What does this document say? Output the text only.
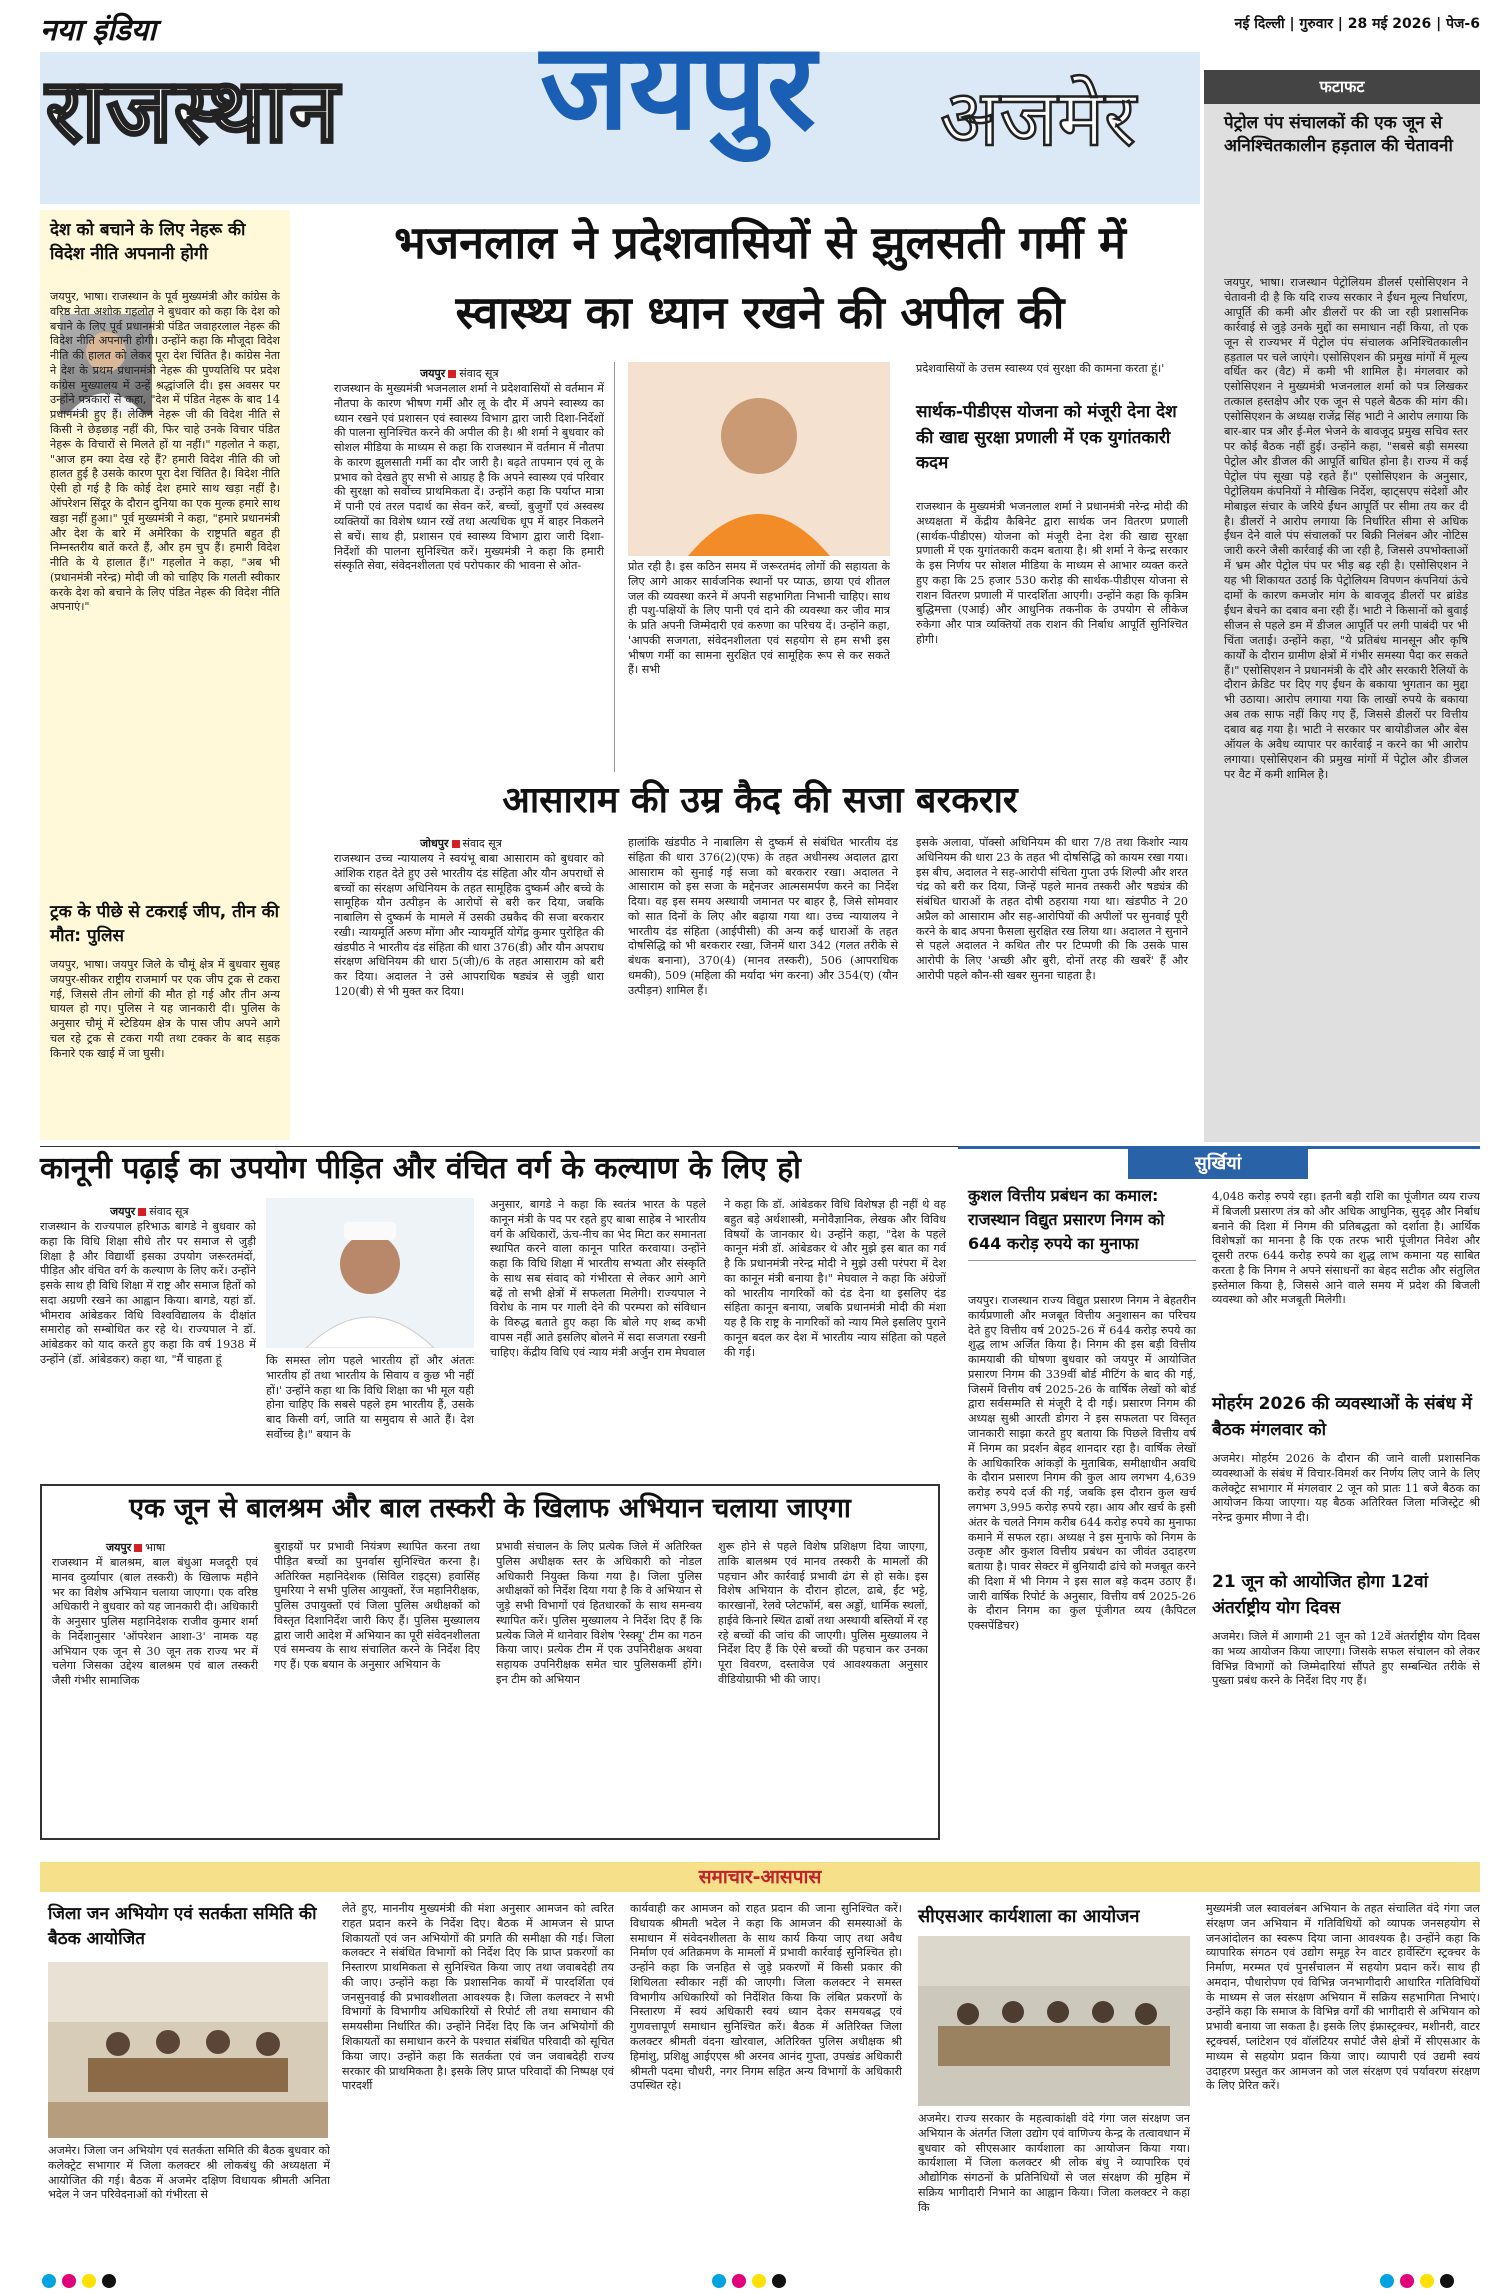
नया इंडिया
राजस्थान जयपुर अजमेर
नई दिल्ली | गुरुवार | 28 मई 2026 | पेज-6
फटाफट
पेट्रोल पंप संचालकों की एक जून से अनिश्चितकालीन हड़ताल की चेतावनी
जयपुर, भाषा। राजस्थान पेट्रोलियम डीलर्स एसोसिएशन ने चेतावनी दी है कि यदि राज्य सरकार ने ईंधन मूल्य निर्धारण, आपूर्ति की कमी और डीलरों पर की जा रही प्रशासनिक कार्रवाई से जुड़े उनके मुद्दों का समाधान नहीं किया, तो एक जून से राज्यभर में पेट्रोल पंप संचालक अनिश्चितकालीन हड़ताल पर चले जाएंगे। एसोसिएशन की प्रमुख मांगों में मूल्य वर्धित कर (वैट) में कमी भी शामिल है। मंगलवार को एसोसिएशन ने मुख्यमंत्री भजनलाल शर्मा को पत्र लिखकर तत्काल हस्तक्षेप और एक जून से पहले बैठक की मांग की। एसोसिएशन के अध्यक्ष राजेंद्र सिंह भाटी ने आरोप लगाया कि बार-बार पत्र और ई-मेल भेजने के बावजूद प्रमुख सचिव स्तर पर कोई बैठक नहीं हुई। उन्होंने कहा, "सबसे बड़ी समस्या पेट्रोल और डीजल की आपूर्ति बाधित होना है। राज्य में कई पेट्रोल पंप सूखा पड़े रहते हैं।" एसोसिएशन के अनुसार, पेट्रोलियम कंपनियों ने मौखिक निर्देश, व्हाट्सएप संदेशों और मोबाइल संचार के जरिये ईंधन आपूर्ति पर सीमा तय कर दी है। डीलरों ने आरोप लगाया कि निर्धारित सीमा से अधिक ईंधन देने वाले पंप संचालकों पर बिक्री निलंबन और नोटिस जारी करने जैसी कार्रवाई की जा रही है, जिससे उपभोक्ताओं में भ्रम और पेट्रोल पंप पर भीड़ बढ़ रही है। एसोसिएशन ने यह भी शिकायत उठाई कि पेट्रोलियम विपणन कंपनियां ऊंचे दामों के कारण कमजोर मांग के बावजूद डीलरों पर ब्रांडेड ईंधन बेचने का दबाव बना रही हैं। भाटी ने किसानों को बुवाई सीजन से पहले डम में डीजल आपूर्ति पर लगी पाबंदी पर भी चिंता जताई। उन्होंने कहा, "ये प्रतिबंध मानसून और कृषि कार्यों के दौरान ग्रामीण क्षेत्रों में गंभीर समस्या पैदा कर सकते हैं।" एसोसिएशन ने प्रधानमंत्री के दौरे और सरकारी रैलियों के दौरान क्रेडिट पर दिए गए ईंधन के बकाया भुगतान का मुद्दा भी उठाया। आरोप लगाया गया कि लाखों रुपये के बकाया अब तक साफ नहीं किए गए हैं, जिससे डीलरों पर वित्तीय दबाव बढ़ गया है। भाटी ने सरकार पर बायोडीजल और बेस ऑयल के अवैध व्यापार पर कार्रवाई न करने का भी आरोप लगाया। एसोसिएशन की प्रमुख मांगों में पेट्रोल और डीजल पर वैट में कमी शामिल है।
देश को बचाने के लिए नेहरू की विदेश नीति अपनानी होगी
जयपुर, भाषा। राजस्थान के पूर्व मुख्यमंत्री और कांग्रेस के वरिष्ठ नेता अशोक गहलोत ने बुधवार को कहा कि देश को बचाने के लिए पूर्व प्रधानमंत्री पंडित जवाहरलाल नेहरू की विदेश नीति अपनानी होगी। उन्होंने कहा कि मौजूदा विदेश नीति की हालत को लेकर पूरा देश चिंतित है। कांग्रेस नेता ने देश के प्रथम प्रधानमंत्री नेहरू की पुण्यतिथि पर प्रदेश कांग्रेस मुख्यालय में उन्हें श्रद्धांजलि दी। इस अवसर पर उन्होंने पत्रकारों से कहा, "देश में पंडित नेहरू के बाद 14 प्रधानमंत्री हुए हैं। लेकिन नेहरू जी की विदेश नीति से किसी ने छेड़छाड़ नहीं की, फिर चाहे उनके विचार पंडित नेहरू के विचारों से मिलते हों या नहीं।" गहलोत ने कहा, "आज हम क्या देख रहे हैं? हमारी विदेश नीति की जो हालत हुई है उसके कारण पूरा देश चिंतित है। विदेश नीति ऐसी हो गई है कि कोई देश हमारे साथ खड़ा नहीं है। ऑपरेशन सिंदूर के दौरान दुनिया का एक मुल्क हमारे साथ खड़ा नहीं हुआ।" पूर्व मुख्यमंत्री ने कहा, "हमारे प्रधानमंत्री और देश के बारे में अमेरिका के राष्ट्रपति बहुत ही निम्नस्तरीय बातें करते हैं, और हम चुप हैं। हमारी विदेश नीति के ये हालात हैं।" गहलोत ने कहा, "अब भी (प्रधानमंत्री नरेन्द्र) मोदी जी को चाहिए कि गलती स्वीकार करके देश को बचाने के लिए पंडित नेहरू की विदेश नीति अपनाएं।"
ट्रक के पीछे से टकराई जीप, तीन की मौत: पुलिस
जयपुर, भाषा। जयपुर जिले के चौमूं क्षेत्र में बुधवार सुबह जयपुर-सीकर राष्ट्रीय राजमार्ग पर एक जीप ट्रक से टकरा गई, जिससे तीन लोगों की मौत हो गई और तीन अन्य घायल हो गए। पुलिस ने यह जानकारी दी। पुलिस के अनुसार चौमूं में स्टेडियम क्षेत्र के पास जीप अपने आगे चल रहे ट्रक से टकरा गयी तथा टक्कर के बाद सड़क किनारे एक खाई में जा घुसी।
भजनलाल ने प्रदेशवासियों से झुलसती गर्मी में स्वास्थ्य का ध्यान रखने की अपील की
जयपुर संवाद सूत्र
राजस्थान के मुख्यमंत्री भजनलाल शर्मा ने प्रदेशवासियों से वर्तमान में नौतपा के कारण भीषण गर्मी और लू के दौर में अपने स्वास्थ्य का ध्यान रखने एवं प्रशासन एवं स्वास्थ्य विभाग द्वारा जारी दिशा-निर्देशों की पालना सुनिश्चित करने की अपील की है। श्री शर्मा ने बुधवार को सोशल मीडिया के माध्यम से कहा कि राजस्थान में वर्तमान में नौतपा के कारण झुलसाती गर्मी का दौर जारी है। बढ़ते तापमान एवं लू के प्रभाव को देखते हुए सभी से आग्रह है कि अपने स्वास्थ्य एवं परिवार की सुरक्षा को सर्वोच्च प्राथमिकता दें। उन्होंने कहा कि पर्याप्त मात्रा में पानी एवं तरल पदार्थ का सेवन करें, बच्चों, बुजुर्गों एवं अस्वस्थ व्यक्तियों का विशेष ध्यान रखें तथा अत्यधिक धूप में बाहर निकलने से बचें। साथ ही, प्रशासन एवं स्वास्थ्य विभाग द्वारा जारी दिशा-निर्देशों की पालना सुनिश्चित करें। मुख्यमंत्री ने कहा कि हमारी संस्कृति सेवा, संवेदनशीलता एवं परोपकार की भावना से ओत-	प्रोत रही है। इस कठिन समय में जरूरतमंद लोगों की सहायता के लिए आगे आकर सार्वजनिक स्थानों पर प्याऊ, छाया एवं शीतल जल की व्यवस्था करने में अपनी सहभागिता निभानी चाहिए। साथ ही पशु-पक्षियों के लिए पानी एवं दाने की व्यवस्था कर जीव मात्र के प्रति अपनी जिम्मेदारी एवं करुणा का परिचय दें। उन्होंने कहा, 'आपकी सजगता, संवेदनशीलता एवं सहयोग से हम सभी इस भीषण गर्मी का सामना सुरक्षित एवं सामूहिक रूप से कर सकते हैं। सभी
प्रदेशवासियों के उत्तम स्वास्थ्य एवं सुरक्षा की कामना करता हूं।'
सार्थक-पीडीएस योजना को मंजूरी देना देश की खाद्य सुरक्षा प्रणाली में एक युगांतकारी कदम
राजस्थान के मुख्यमंत्री भजनलाल शर्मा ने प्रधानमंत्री नरेन्द्र मोदी की अध्यक्षता में केंद्रीय कैबिनेट द्वारा सार्थक जन वितरण प्रणाली (सार्थक-पीडीएस) योजना को मंजूरी देना देश की खाद्य सुरक्षा प्रणाली में एक युगांतकारी कदम बताया है। श्री शर्मा ने केन्द्र सरकार के इस निर्णय पर सोशल मीडिया के माध्यम से आभार व्यक्त करते हुए कहा कि 25 हजार 530 करोड़ की सार्थक-पीडीएस योजना से राशन वितरण प्रणाली में पारदर्शिता आएगी। उन्होंने कहा कि कृत्रिम बुद्धिमत्ता (एआई) और आधुनिक तकनीक के उपयोग से लीकेज रुकेगा और पात्र व्यक्तियों तक राशन की निर्बाध आपूर्ति सुनिश्चित होगी।
आसाराम की उम्र कैद की सजा बरकरार
जोधपुर संवाद सूत्र
राजस्थान उच्च न्यायालय ने स्वयंभू बाबा आसाराम को बुधवार को आंशिक राहत देते हुए उसे भारतीय दंड संहिता और यौन अपराधों से बच्चों का संरक्षण अधिनियम के तहत सामूहिक दुष्कर्म और बच्चे के सामूहिक यौन उत्पीड़न के आरोपों से बरी कर दिया, जबकि नाबालिग से दुष्कर्म के मामले में उसकी उम्रकैद की सजा बरकरार रखी। न्यायमूर्ति अरुण मोंगा और न्यायमूर्ति योगेंद्र कुमार पुरोहित की खंडपीठ ने भारतीय दंड संहिता की धारा 376(डी) और यौन अपराध संरक्षण अधिनियम की धारा 5(जी)/6 के तहत आसाराम को बरी कर दिया। अदालत ने उसे आपराधिक षड्यंत्र से जुड़ी धारा 120(बी) से भी मुक्त कर दिया।
हालांकि खंडपीठ ने नाबालिग से दुष्कर्म से संबंधित भारतीय दंड संहिता की धारा 376(2)(एफ) के तहत अधीनस्थ अदालत द्वारा आसाराम को सुनाई गई सजा को बरकरार रखा। अदालत ने आसाराम को इस सजा के मद्देनजर आत्मसमर्पण करने का निर्देश दिया। वह इस समय अस्थायी जमानत पर बाहर है, जिसे सोमवार को सात दिनों के लिए और बढ़ाया गया था। उच्च न्यायालय ने भारतीय दंड संहिता (आईपीसी) की अन्य कई धाराओं के तहत दोषसिद्धि को भी बरकरार रखा, जिनमें धारा 342 (गलत तरीके से बंधक बनाना), 370(4) (मानव तस्करी), 506 (आपराधिक धमकी), 509 (महिला की मर्यादा भंग करना) और 354(ए) (यौन उत्पीड़न) शामिल हैं।
इसके अलावा, पॉक्सो अधिनियम की धारा 7/8 तथा किशोर न्याय अधिनियम की धारा 23 के तहत भी दोषसिद्धि को कायम रखा गया। इस बीच, अदालत ने सह-आरोपी संचिता गुप्ता उर्फ शिल्पी और शरत चंद्र को बरी कर दिया, जिन्हें पहले मानव तस्करी और षड्यंत्र की संबंधित धाराओं के तहत दोषी ठहराया गया था। खंडपीठ ने 20 अप्रैल को आसाराम और सह-आरोपियों की अपीलों पर सुनवाई पूरी करने के बाद अपना फैसला सुरक्षित रख लिया था। अदालत ने सुनाने से पहले अदालत ने कथित तौर पर टिप्पणी की कि उसके पास आरोपी के लिए 'अच्छी और बुरी, दोनों तरह की खबरें' हैं और आरोपी पहले कौन-सी खबर सुनना चाहता है।
कानूनी पढ़ाई का उपयोग पीड़ित और वंचित वर्ग के कल्याण के लिए हो
जयपुर संवाद सूत्र
राजस्थान के राज्यपाल हरिभाऊ बागडे ने बुधवार को कहा कि विधि शिक्षा सीधे तौर पर समाज से जुड़ी शिक्षा है और विद्यार्थी इसका उपयोग जरूरतमंदों, पीड़ित और वंचित वर्ग के कल्याण के लिए करें। उन्होंने इसके साथ ही विधि शिक्षा में राष्ट्र और समाज हितों को सदा अग्रणी रखने का आह्वान किया। बागडे, यहां डॉ. भीमराव आंबेडकर विधि विश्वविद्यालय के दीक्षांत समारोह को सम्बोधित कर रहे थे। राज्यपाल ने डॉ. आंबेडकर को याद करते हुए कहा कि वर्ष 1938 में उन्होंने (डॉ. आंबेडकर) कहा था, "मैं चाहता हूं	कि समस्त लोग पहले भारतीय हों और अंततः भारतीय हों तथा भारतीय के सिवाय व कुछ भी नहीं हों।' उन्होंने कहा था कि विधि शिक्षा का भी मूल यही होना चाहिए कि सबसे पहले हम भारतीय हैं, उसके बाद किसी वर्ग, जाति या समुदाय से आते हैं। देश सर्वोच्च है।" बयान के
अनुसार, बागडे ने कहा कि स्वतंत्र भारत के पहले कानून मंत्री के पद पर रहते हुए बाबा साहेब ने भारतीय वर्ग के अधिकारों, ऊंच-नीच का भेद मिटा कर समानता स्थापित करने वाला कानून पारित करवाया। उन्होंने कहा कि विधि शिक्षा में भारतीय सभ्यता और संस्कृति के साथ सब संवाद को गंभीरता से लेकर आगे आगे बढ़ें तो सभी क्षेत्रों में सफलता मिलेगी। राज्यपाल ने विरोध के नाम पर गाली देने की परम्परा को संविधान के विरुद्ध बताते हुए कहा कि बोले गए शब्द कभी वापस नहीं आते इसलिए बोलने में सदा सजगता रखनी चाहिए। केंद्रीय विधि एवं न्याय मंत्री अर्जुन राम मेघवाल
ने कहा कि डॉ. आंबेडकर विधि विशेषज्ञ ही नहीं थे वह बहुत बड़े अर्थशास्त्री, मनोवैज्ञानिक, लेखक और विविध विषयों के जानकार थे। उन्होंने कहा, "देश के पहले कानून मंत्री डॉ. आंबेडकर थे और मुझे इस बात का गर्व है कि प्रधानमंत्री नरेन्द्र मोदी ने मुझे उसी परंपरा में देश का कानून मंत्री बनाया है।" मेघवाल ने कहा कि अंग्रेजों को भारतीय नागरिकों को दंड देना था इसलिए दंड संहिता कानून बनाया, जबकि प्रधानमंत्री मोदी की मंशा यह है कि राष्ट्र के नागरिकों को न्याय मिले इसलिए पुराने कानून बदल कर देश में भारतीय न्याय संहिता को पहले की गई।
सुर्खियां
कुशल वित्तीय प्रबंधन का कमाल: राजस्थान विद्युत प्रसारण निगम को 644 करोड़ रुपये का मुनाफा
जयपुर। राजस्थान राज्य विद्युत प्रसारण निगम ने बेहतरीन कार्यप्रणाली और मजबूत वित्तीय अनुशासन का परिचय देते हुए वित्तीय वर्ष 2025-26 में 644 करोड़ रुपये का शुद्ध लाभ अर्जित किया है। निगम की इस बड़ी वित्तीय कामयाबी की घोषणा बुधवार को जयपुर में आयोजित प्रसारण निगम की 339वीं बोर्ड मीटिंग के बाद की गई, जिसमें वित्तीय वर्ष 2025-26 के वार्षिक लेखों को बोर्ड द्वारा सर्वसम्मति से मंजूरी दे दी गई। प्रसारण निगम की अध्यक्ष सुश्री आरती डोगरा ने इस सफलता पर विस्तृत जानकारी साझा करते हुए बताया कि पिछले वित्तीय वर्ष में निगम का प्रदर्शन बेहद शानदार रहा है। वार्षिक लेखों के आधिकारिक आंकड़ों के मुताबिक, समीक्षाधीन अवधि के दौरान प्रसारण निगम की कुल आय लगभग 4,639 करोड़ रुपये दर्ज की गई, जबकि इस दौरान कुल खर्च लगभग 3,995 करोड़ रुपये रहा। आय और खर्च के इसी अंतर के चलते निगम करीब 644 करोड़ रुपये का मुनाफा कमाने में सफल रहा। अध्यक्ष ने इस मुनाफे को निगम के उत्कृष्ट और कुशल वित्तीय प्रबंधन का जीवंत उदाहरण बताया है। पावर सेक्टर में बुनियादी ढांचे को मजबूत करने की दिशा में भी निगम ने इस साल बड़े कदम उठाए हैं। जारी वार्षिक रिपोर्ट के अनुसार, वित्तीय वर्ष 2025-26 के दौरान निगम का कुल पूंजीगत व्यय (कैपिटल एक्सपेंडिचर)
4,048 करोड़ रुपये रहा। इतनी बड़ी राशि का पूंजीगत व्यय राज्य में बिजली प्रसारण तंत्र को और अधिक आधुनिक, सुदृढ़ और निर्बाध बनाने की दिशा में निगम की प्रतिबद्धता को दर्शाता है। आर्थिक विशेषज्ञों का मानना है कि एक तरफ भारी पूंजीगत निवेश और दूसरी तरफ 644 करोड़ रुपये का शुद्ध लाभ कमाना यह साबित करता है कि निगम ने अपने संसाधनों का बेहद सटीक और संतुलित इस्तेमाल किया है, जिससे आने वाले समय में प्रदेश की बिजली व्यवस्था को और मजबूती मिलेगी।
मोहर्रम 2026 की व्यवस्थाओं के संबंध में बैठक मंगलवार को
अजमेर। मोहर्रम 2026 के दौरान की जाने वाली प्रशासनिक व्यवस्थाओं के संबंध में विचार-विमर्श कर निर्णय लिए जाने के लिए कलेक्ट्रेट सभागार में मंगलवार 2 जून को प्रातः 11 बजे बैठक का आयोजन किया जाएगा। यह बैठक अतिरिक्त जिला मजिस्ट्रेट श्री नरेन्द्र कुमार मीणा ने दी।
21 जून को आयोजित होगा 12वां अंतर्राष्ट्रीय योग दिवस
अजमेर। जिले में आगामी 21 जून को 12वें अंतर्राष्ट्रीय योग दिवस का भव्य आयोजन किया जाएगा। जिसके सफल संचालन को लेकर विभिन्न विभागों को जिम्मेदारियां सौंपते हुए सम्बन्धित तरीके से पुख्ता प्रबंध करने के निर्देश दिए गए हैं।
एक जून से बालश्रम और बाल तस्करी के खिलाफ अभियान चलाया जाएगा
जयपुर भाषा
राजस्थान में बालश्रम, बाल बंधुआ मजदूरी एवं मानव दुर्व्यापार (बाल तस्करी) के खिलाफ महीने भर का विशेष अभियान चलाया जाएगा। एक वरिष्ठ अधिकारी ने बुधवार को यह जानकारी दी। अधिकारी के अनुसार पुलिस महानिदेशक राजीव कुमार शर्मा के निर्देशानुसार 'ऑपरेशन आशा-3' नामक यह अभियान एक जून से 30 जून तक राज्य भर में चलेगा जिसका उद्देश्य बालश्रम एवं बाल तस्करी जैसी गंभीर सामाजिक
बुराइयों पर प्रभावी नियंत्रण स्थापित करना तथा पीड़ित बच्चों का पुनर्वास सुनिश्चित करना है। अतिरिक्त महानिदेशक (सिविल राइट्स) हवासिंह घुमरिया ने सभी पुलिस आयुक्तों, रेंज महानिरीक्षक, पुलिस उपायुक्तों एवं जिला पुलिस अधीक्षकों को विस्तृत दिशानिर्देश जारी किए हैं। पुलिस मुख्यालय द्वारा जारी आदेश में अभियान का पूरी संवेदनशीलता एवं समन्वय के साथ संचालित करने के निर्देश दिए गए हैं। एक बयान के अनुसार अभियान के
प्रभावी संचालन के लिए प्रत्येक जिले में अतिरिक्त पुलिस अधीक्षक स्तर के अधिकारी को नोडल अधिकारी नियुक्त किया गया है। जिला पुलिस अधीक्षकों को निर्देश दिया गया है कि वे अभियान से जुड़े सभी विभागों एवं हितधारकों के साथ समन्वय स्थापित करें। पुलिस मुख्यालय ने निर्देश दिए हैं कि प्रत्येक जिले में थानेवार विशेष 'रेस्क्यू' टीम का गठन किया जाए। प्रत्येक टीम में एक उपनिरीक्षक अथवा सहायक उपनिरीक्षक समेत चार पुलिसकर्मी होंगे। इन टीम को अभियान
शुरू होने से पहले विशेष प्रशिक्षण दिया जाएगा, ताकि बालश्रम एवं मानव तस्करी के मामलों की पहचान और कार्रवाई प्रभावी ढंग से हो सके। इस विशेष अभियान के दौरान होटल, ढाबे, ईंट भट्टे, कारखानों, रेलवे प्लेटफॉर्म, बस अड्डों, धार्मिक स्थलों, हाईवे किनारे स्थित ढाबों तथा अस्थायी बस्तियों में रह रहे बच्चों की जांच की जाएगी। पुलिस मुख्यालय ने निर्देश दिए हैं कि ऐसे बच्चों की पहचान कर उनका पूरा विवरण, दस्तावेज एवं आवश्यकता अनुसार वीडियोग्राफी भी की जाए।
समाचार-आसपास
जिला जन अभियोग एवं सतर्कता समिति की बैठक आयोजित
अजमेर। जिला जन अभियोग एवं सतर्कता समिति की बैठक बुधवार को कलेक्ट्रेट सभागार में जिला कलक्टर श्री लोकबंधु की अध्यक्षता में आयोजित की गई। बैठक में अजमेर दक्षिण विधायक श्रीमती अनिता भदेल ने जन परिवेदनाओं को गंभीरता से
लेते हुए, माननीय मुख्यमंत्री की मंशा अनुसार आमजन को त्वरित राहत प्रदान करने के निर्देश दिए। बैठक में आमजन से प्राप्त शिकायतों एवं जन अभियोगों की प्रगति की समीक्षा की गई। जिला कलक्टर ने संबंधित विभागों को निर्देश दिए कि प्राप्त प्रकरणों का निस्तारण प्राथमिकता से सुनिश्चित किया जाए तथा जवाबदेही तय की जाए। उन्होंने कहा कि प्रशासनिक कार्यों में पारदर्शिता एवं जनसुनवाई की प्रभावशीलता आवश्यक है। जिला कलक्टर ने सभी विभागों के विभागीय अधिकारियों से रिपोर्ट ली तथा समाधान की समयसीमा निर्धारित की। उन्होंने निर्देश दिए कि जन अभियोगों की शिकायतों का समाधान करने के पश्चात संबंधित परिवादी को सूचित किया जाए। उन्होंने कहा कि सतर्कता एवं जन जवाबदेही राज्य सरकार की प्राथमिकता है। इसके लिए प्राप्त परिवादों की निष्पक्ष एवं पारदर्शी
कार्यवाही कर आमजन को राहत प्रदान की जाना सुनिश्चित करें। विधायक श्रीमती भदेल ने कहा कि आमजन की समस्याओं के समाधान में संवेदनशीलता के साथ कार्य किया जाए तथा अवैध निर्माण एवं अतिक्रमण के मामलों में प्रभावी कार्रवाई सुनिश्चित हो। उन्होंने कहा कि जनहित से जुड़े प्रकरणों में किसी प्रकार की शिथिलता स्वीकार नहीं की जाएगी। जिला कलक्टर ने समस्त विभागीय अधिकारियों को निर्देशित किया कि लंबित प्रकरणों के निस्तारण में स्वयं अधिकारी स्वयं ध्यान देकर समयबद्ध एवं गुणवत्तापूर्ण समाधान सुनिश्चित करें। बैठक में अतिरिक्त जिला कलक्टर श्रीमती वंदना खोरवाल, अतिरिक्त पुलिस अधीक्षक श्री हिमांशु, प्रशिक्षु आईएएस श्री अरनव आनंद गुप्ता, उपखंड अधिकारी श्रीमती पदमा चौधरी, नगर निगम सहित अन्य विभागों के अधिकारी उपस्थित रहे।
सीएसआर कार्यशाला का आयोजन
अजमेर। राज्य सरकार के महत्वाकांक्षी वंदे गंगा जल संरक्षण जन अभियान के अंतर्गत जिला उद्योग एवं वाणिज्य केन्द्र के तत्वावधान में बुधवार को सीएसआर कार्यशाला का आयोजन किया गया। कार्यशाला में जिला कलक्टर श्री लोक बंधु ने व्यापारिक एवं औद्योगिक संगठनों के प्रतिनिधियों से जल संरक्षण की मुहिम में सक्रिय भागीदारी निभाने का आह्वान किया। जिला कलक्टर ने कहा कि
मुख्यमंत्री जल स्वावलंबन अभियान के तहत संचालित वंदे गंगा जल संरक्षण जन अभियान में गतिविधियों को व्यापक जनसहयोग से जनआंदोलन का स्वरूप दिया जाना आवश्यक है। उन्होंने कहा कि व्यापारिक संगठन एवं उद्योग समूह रेन वाटर हार्वेस्टिंग स्ट्रक्चर के निर्माण, मरम्मत एवं पुनर्संचालन में सहयोग प्रदान करें। साथ ही अमदान, पौधारोपण एवं विभिन्न जनभागीदारी आधारित गतिविधियों के माध्यम से जल संरक्षण अभियान में सक्रिय सहभागिता निभाएं। उन्होंने कहा कि समाज के विभिन्न वर्गों की भागीदारी से अभियान को प्रभावी बनाया जा सकता है। इसके लिए इंफ्रास्ट्रक्चर, मशीनरी, वाटर स्ट्रक्चर्स, प्लांटेशन एवं वॉलंटियर सपोर्ट जैसे क्षेत्रों में सीएसआर के माध्यम से सहयोग प्रदान किया जाए। व्यापारी एवं उद्यमी स्वयं उदाहरण प्रस्तुत कर आमजन को जल संरक्षण एवं पर्यावरण संरक्षण के लिए प्रेरित करें।
